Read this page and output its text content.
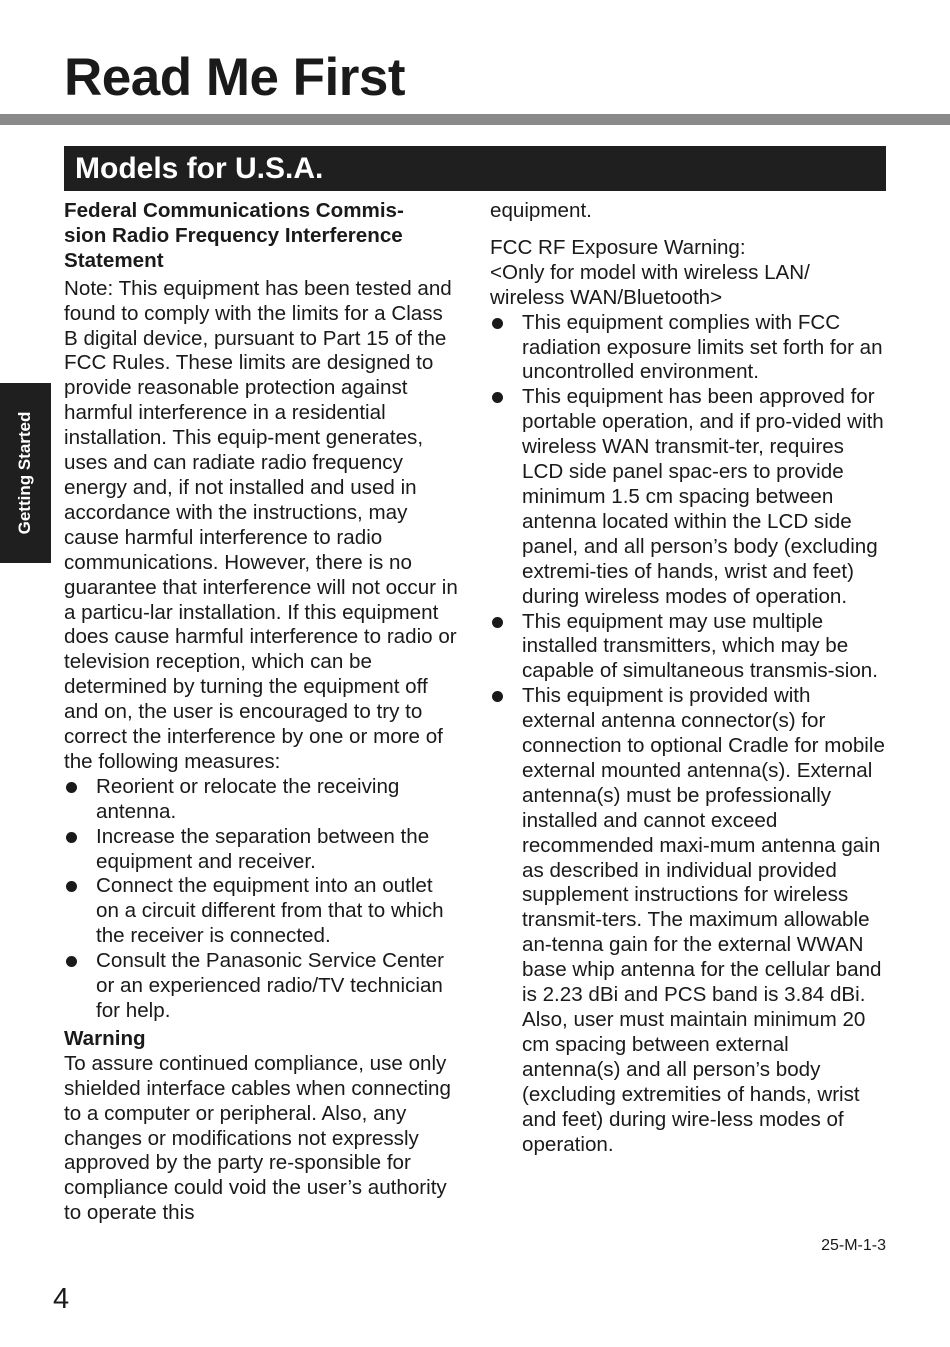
Read Me First
Models for U.S.A.
Getting Started

Federal Communications Commis-
sion Radio Frequency Interference
Statement

Note: This equipment has been tested and found to comply with the limits for a Class B digital device, pursuant to Part 15 of the FCC Rules. These limits are designed to provide reasonable protection against harmful interference in a residential installation. This equip-ment generates, uses and can radiate radio frequency energy and, if not installed and used in accordance with the instructions, may cause harmful interference to radio communications. However, there is no guarantee that interference will not occur in a particu-lar installation. If this equipment does cause harmful interference to radio or television reception, which can be determined by turning the equipment off and on, the user is encouraged to try to correct the interference by one or more of the following measures:

Reorient or relocate the receiving antenna.
Increase the separation between the equipment and receiver.
Connect the equipment into an outlet on a circuit different from that to which the receiver is connected.
Consult the Panasonic Service Center or an experienced radio/TV technician for help.

Warning

To assure continued compliance, use only shielded interface cables when connecting to a computer or peripheral. Also, any changes or modifications not expressly approved by the party re-sponsible for compliance could void the user’s authority to operate this

equipment.

FCC RF Exposure Warning:

<Only for model with wireless LAN/ wireless WAN/Bluetooth>

This equipment complies with FCC radiation exposure limits set forth for an uncontrolled environment.
This equipment has been approved for portable operation, and if pro-vided with wireless WAN transmit-ter, requires LCD side panel spac-ers to provide minimum 1.5 cm spacing between antenna located within the LCD side panel, and all person’s body (excluding extremi-ties of hands, wrist and feet) during wireless modes of operation.
This equipment may use multiple installed transmitters, which may be capable of simultaneous transmis-sion.
This equipment is provided with external antenna connector(s) for connection to optional Cradle for mobile external mounted antenna(s). External antenna(s) must be professionally installed and cannot exceed recommended maxi-mum antenna gain as described in individual provided supplement instructions for wireless transmit-ters. The maximum allowable an-tenna gain for the external WWAN base whip antenna for the cellular band is 2.23 dBi and PCS band is 3.84 dBi. Also, user must maintain minimum 20 cm spacing between external antenna(s) and all person’s body (excluding extremities of hands, wrist and feet) during wire-less modes of operation.
25-M-1-3
4
